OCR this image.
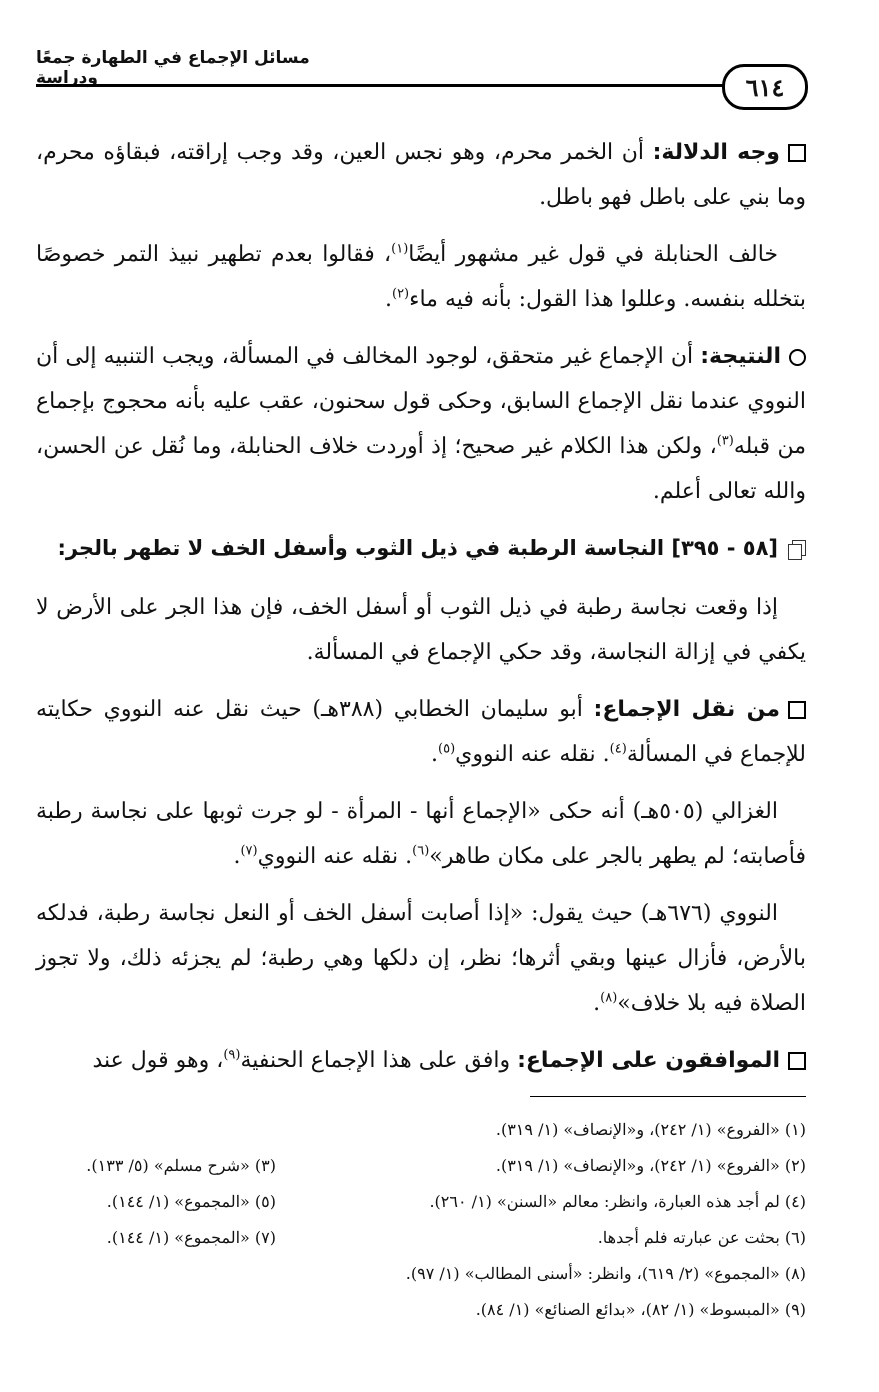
مسائل الإجماع في الطهارة جمعًا ودراسة	٦١٤

وجه الدلالة: أن الخمر محرم، وهو نجس العين، وقد وجب إراقته، فبقاؤه محرم، وما بني على باطل فهو باطل.

خالف الحنابلة في قول غير مشهور أيضًا$^{(١)}$، فقالوا بعدم تطهير نبيذ التمر خصوصًا بتخلله بنفسه. وعللوا هذا القول: بأنه فيه ماء$^{(٢)}$.

النتيجة: أن الإجماع غير متحقق، لوجود المخالف في المسألة، ويجب التنبيه إلى أن النووي عندما نقل الإجماع السابق، وحكى قول سحنون، عقب عليه بأنه محجوج بإجماع من قبله$^{(٣)}$، ولكن هذا الكلام غير صحيح؛ إذ أوردت خلاف الحنابلة، وما نُقل عن الحسن، والله تعالى أعلم.

[٥٨ - ٣٩٥] النجاسة الرطبة في ذيل الثوب وأسفل الخف لا تطهر بالجر:

إذا وقعت نجاسة رطبة في ذيل الثوب أو أسفل الخف، فإن هذا الجر على الأرض لا يكفي في إزالة النجاسة، وقد حكي الإجماع في المسألة.

من نقل الإجماع: أبو سليمان الخطابي (٣٨٨هـ) حيث نقل عنه النووي حكايته للإجماع في المسألة$^{(٤)}$. نقله عنه النووي$^{(٥)}$.

الغزالي (٥٠٥هـ) أنه حكى «الإجماع أنها - المرأة - لو جرت ثوبها على نجاسة رطبة فأصابته؛ لم يطهر بالجر على مكان طاهر»$^{(٦)}$. نقله عنه النووي$^{(٧)}$.

النووي (٦٧٦هـ) حيث يقول: «إذا أصابت أسفل الخف أو النعل نجاسة رطبة، فدلكه بالأرض، فأزال عينها وبقي أثرها؛ نظر، إن دلكها وهي رطبة؛ لم يجزئه ذلك، ولا تجوز الصلاة فيه بلا خلاف»$^{(٨)}$.

الموافقون على الإجماع: وافق على هذا الإجماع الحنفية$^{(٩)}$، وهو قول عند

(١) «الفروع» (١/ ٢٤٢)، و«الإنصاف» (١/ ٣١٩).
(٢) «الفروع» (١/ ٢٤٢)، و«الإنصاف» (١/ ٣١٩).
(٣) «شرح مسلم» (٥/ ١٣٣).
(٤) لم أجد هذه العبارة، وانظر: معالم «السنن» (١/ ٢٦٠).
(٥) «المجموع» (١/ ١٤٤).
(٦) بحثت عن عبارته فلم أجدها.
(٧) «المجموع» (١/ ١٤٤).
(٨) «المجموع» (٢/ ٦١٩)، وانظر: «أسنى المطالب» (١/ ٩٧).
(٩) «المبسوط» (١/ ٨٢)، «بدائع الصنائع» (١/ ٨٤).
